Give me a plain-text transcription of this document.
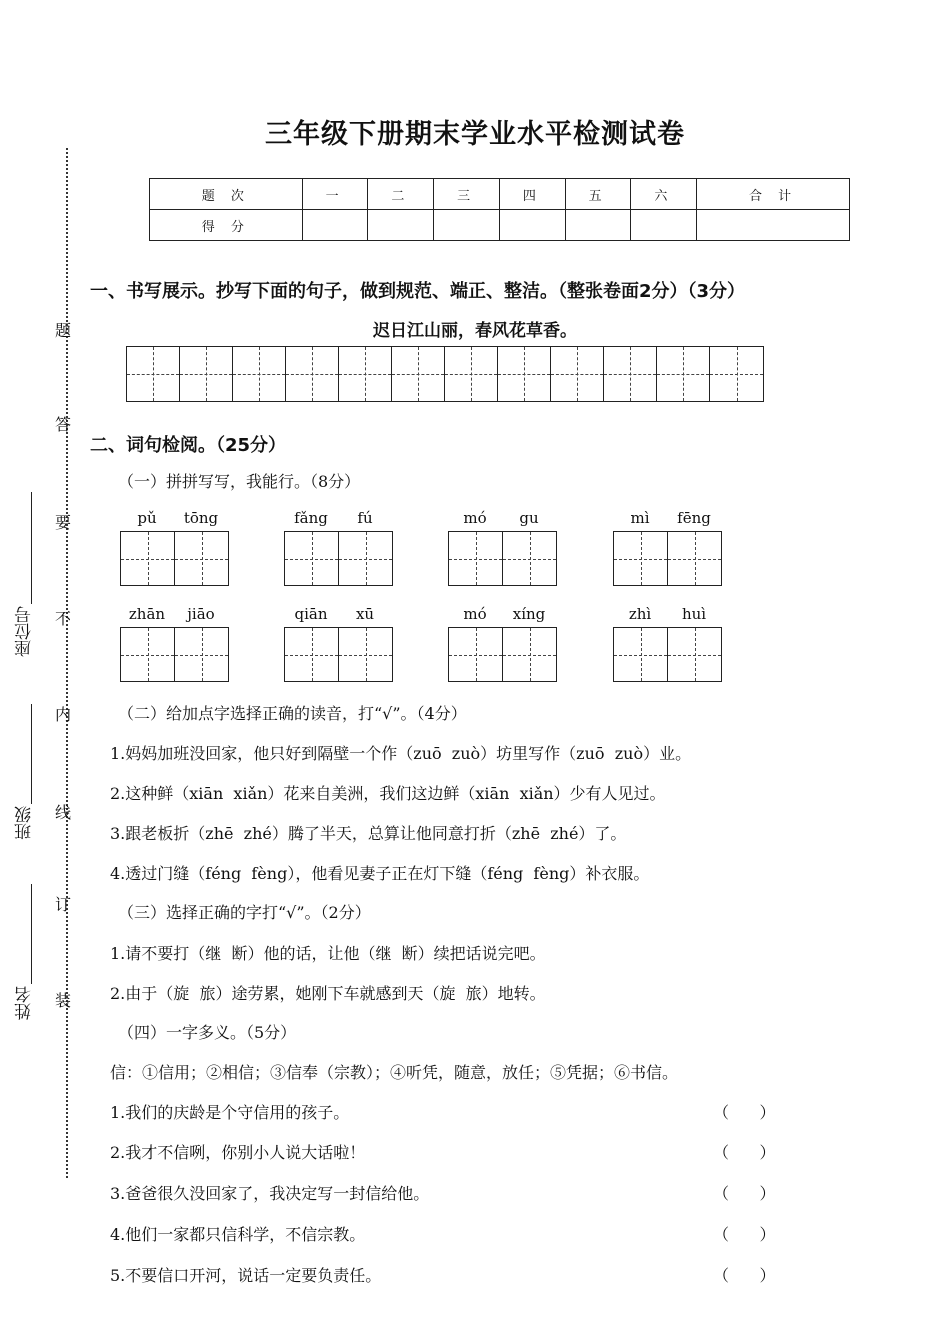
题
答
要
不
内
线
订
装
座位号
班级
姓名
三年级下册期末学业水平检测试卷
题 次	一	二	三	四	五	六	合 计
得 分							
一、书写展示。抄写下面的句子，做到规范、端正、整洁。（整张卷面2分）（3分）
迟日江山丽，春风花草香。
二、词句检阅。（25分）
（一）拼拼写写，我能行。（8分）
pǔ	tōng	fǎng	fú	mó	gu	mì	fēng
zhān	jiāo	qiān	xū	mó	xíng	zhì	huì
（二）给加点字选择正确的读音，打“√”。（4分）
1.妈妈加班没回家，他只好到隔壁一个作（zuō  zuò）坊里写作（zuō  zuò）业。
2.这种鲜（xiān  xiǎn）花来自美洲，我们这边鲜（xiān  xiǎn）少有人见过。
3.跟老板折（zhē  zhé）腾了半天，总算让他同意打折（zhē  zhé）了。
4.透过门缝（féng  fèng），他看见妻子正在灯下缝（féng  fèng）补衣服。
（三）选择正确的字打“√”。（2分）
1.请不要打（继  断）他的话，让他（继  断）续把话说完吧。
2.由于（旋  旅）途劳累，她刚下车就感到天（旋  旅）地转。
（四）一字多义。（5分）
信：①信用；②相信；③信奉（宗教）；④听凭，随意，放任；⑤凭据；⑥书信。
1.我们的庆龄是个守信用的孩子。	（      ）
2.我才不信咧，你别小人说大话啦！	（      ）
3.爸爸很久没回家了，我决定写一封信给他。	（      ）
4.他们一家都只信科学，不信宗教。	（      ）
5.不要信口开河，说话一定要负责任。	（      ）
